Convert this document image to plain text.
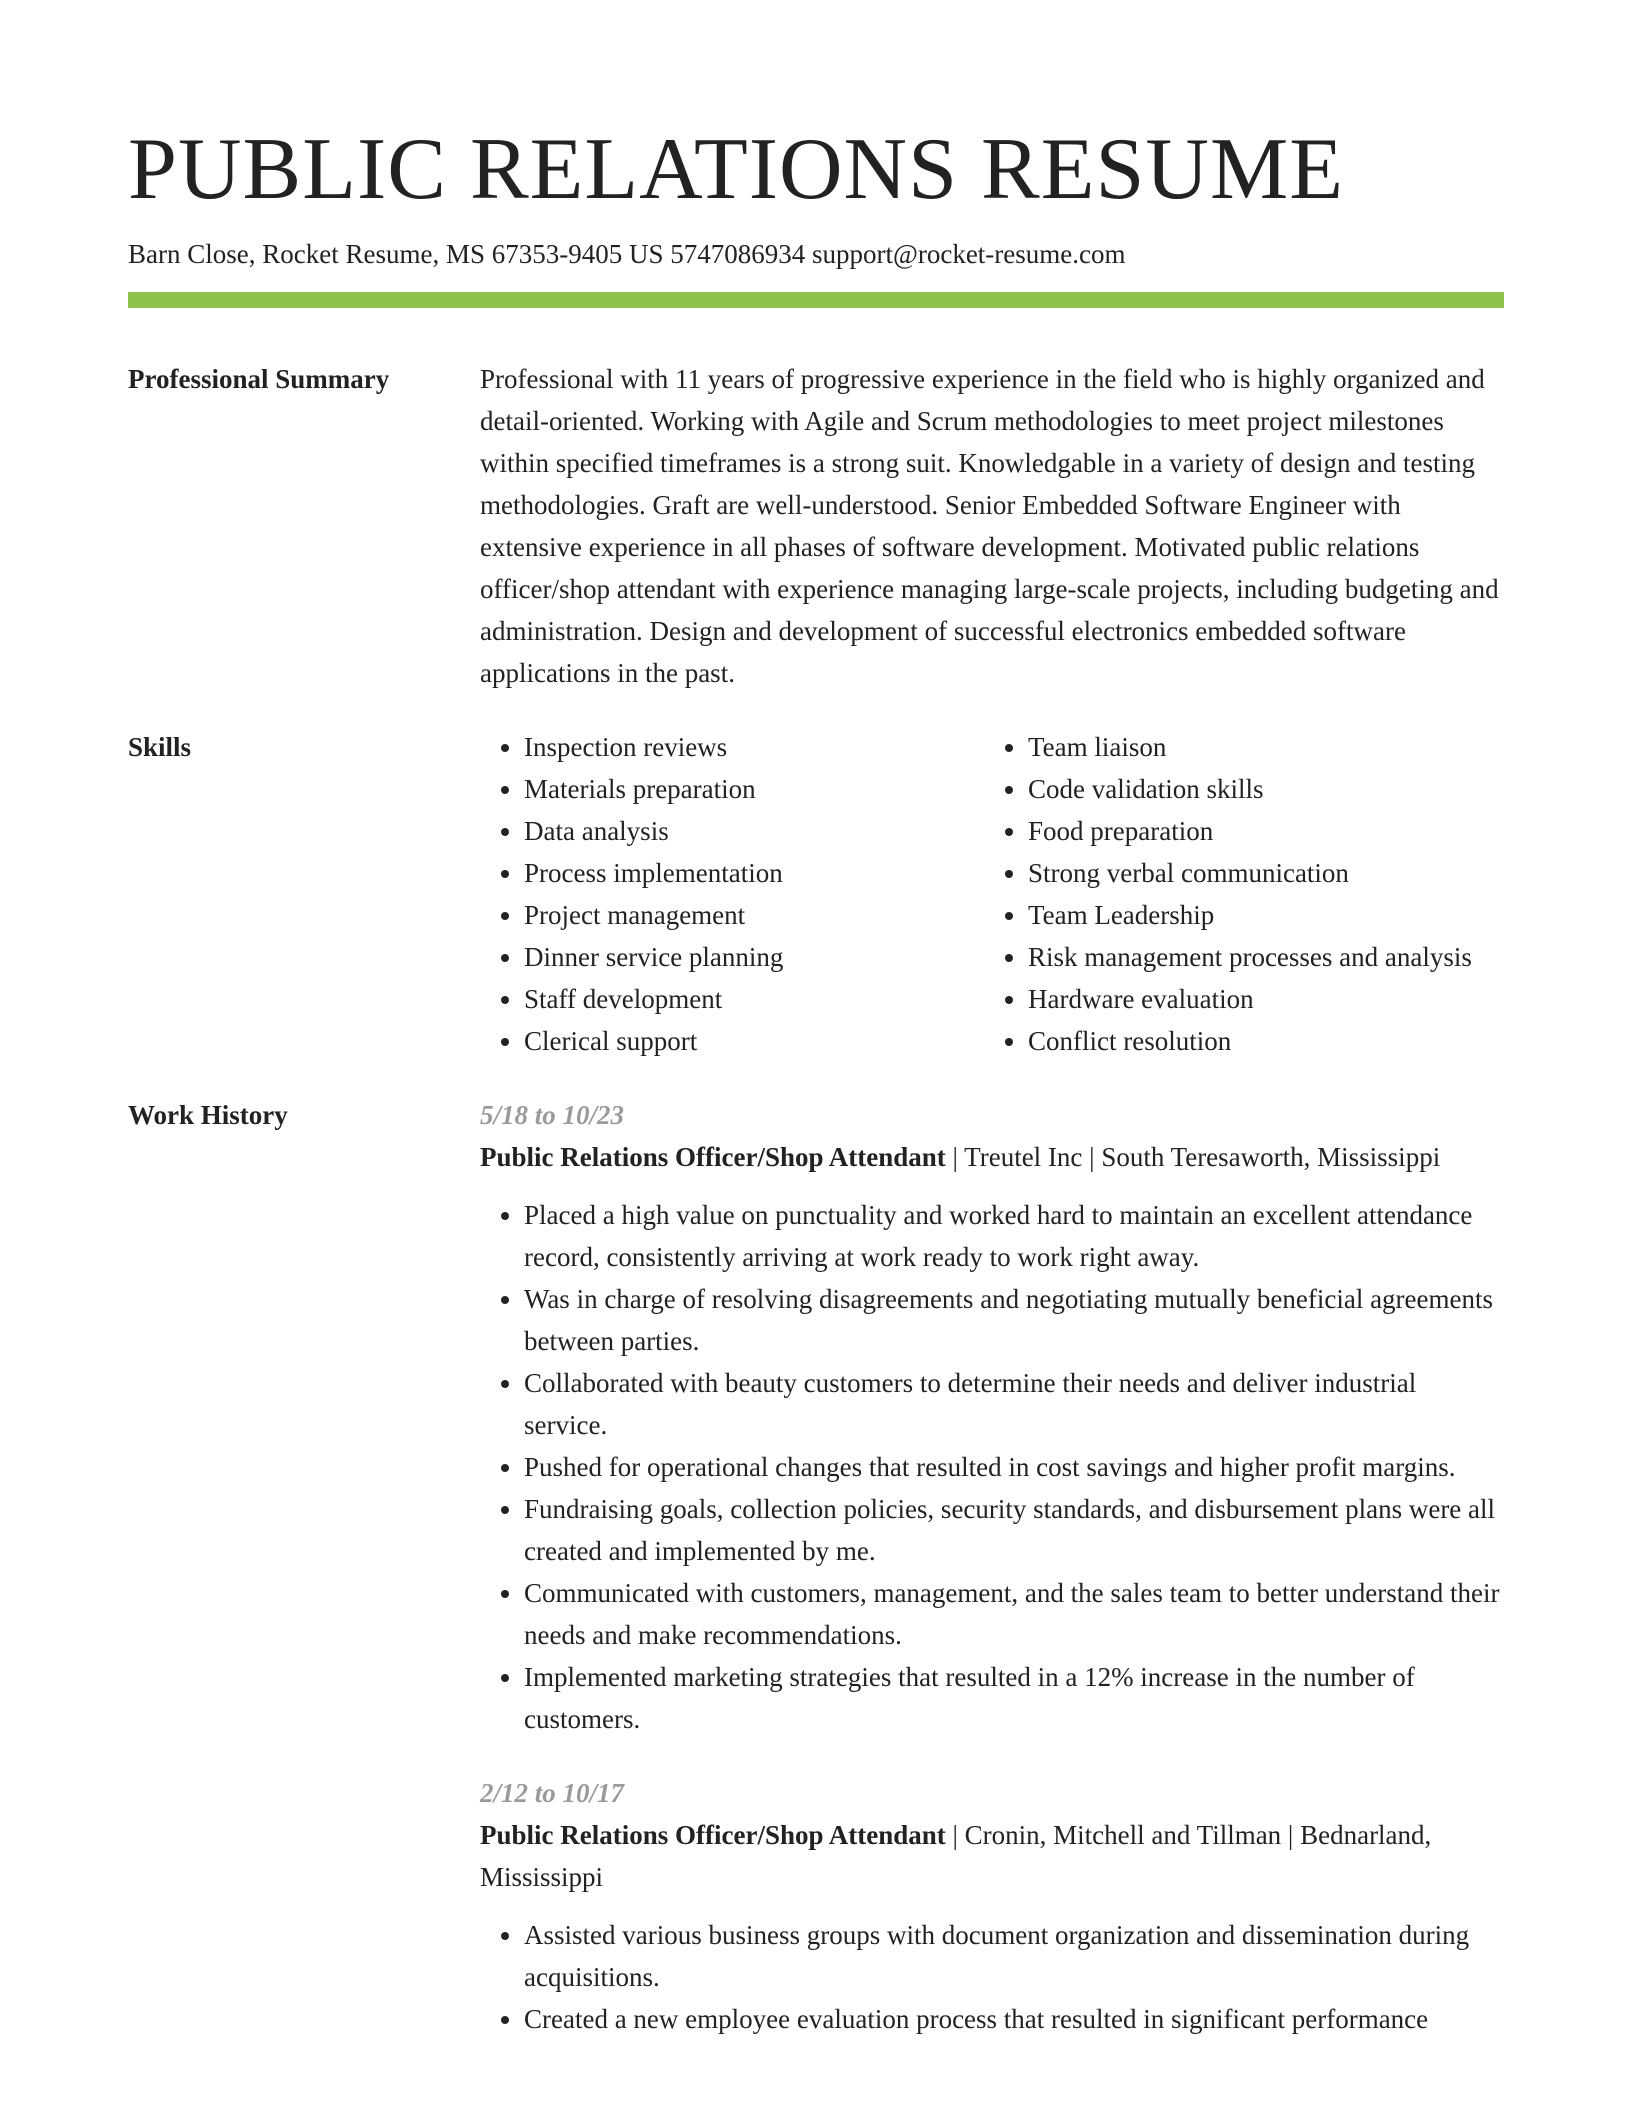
PUBLIC RELATIONS RESUME
Barn Close, Rocket Resume, MS 67353-9405 US 5747086934 support@rocket-resume.com
Professional Summary	Professional with 11 years of progressive experience in the field who is highly organized and detail-oriented. Working with Agile and Scrum methodologies to meet project milestones within specified timeframes is a strong suit. Knowledgable in a variety of design and testing methodologies. Graft are well-understood. Senior Embedded Software Engineer with extensive experience in all phases of software development. Motivated public relations officer/shop attendant with experience managing large-scale projects, including budgeting and administration. Design and development of successful electronics embedded software applications in the past.

Skills
•	Inspection reviews
• Materials preparation
• Data analysis
• Process implementation
• Project management
• Dinner service planning
• Staff development
• Clerical support
• Team liaison
• Code validation skills
• Food preparation
• Strong verbal communication
• Team Leadership
• Risk management processes and analysis
• Hardware evaluation
• Conflict resolution
Work History	5/18 to 10/23
Public Relations Officer/Shop Attendant | Treutel Inc | South Teresaworth, Mississippi
• Placed a high value on punctuality and worked hard to maintain an excellent attendance record, consistently arriving at work ready to work right away.
• Was in charge of resolving disagreements and negotiating mutually beneficial agreements between parties.
• Collaborated with beauty customers to determine their needs and deliver industrial service.
• Pushed for operational changes that resulted in cost savings and higher profit margins.
• Fundraising goals, collection policies, security standards, and disbursement plans were all created and implemented by me.
• Communicated with customers, management, and the sales team to better understand their needs and make recommendations.
• Implemented marketing strategies that resulted in a 12% increase in the number of customers.
2/12 to 10/17
Public Relations Officer/Shop Attendant | Cronin, Mitchell and Tillman | Bednarland, Mississippi
• Assisted various business groups with document organization and dissemination during acquisitions.
• Created a new employee evaluation process that resulted in significant performance
